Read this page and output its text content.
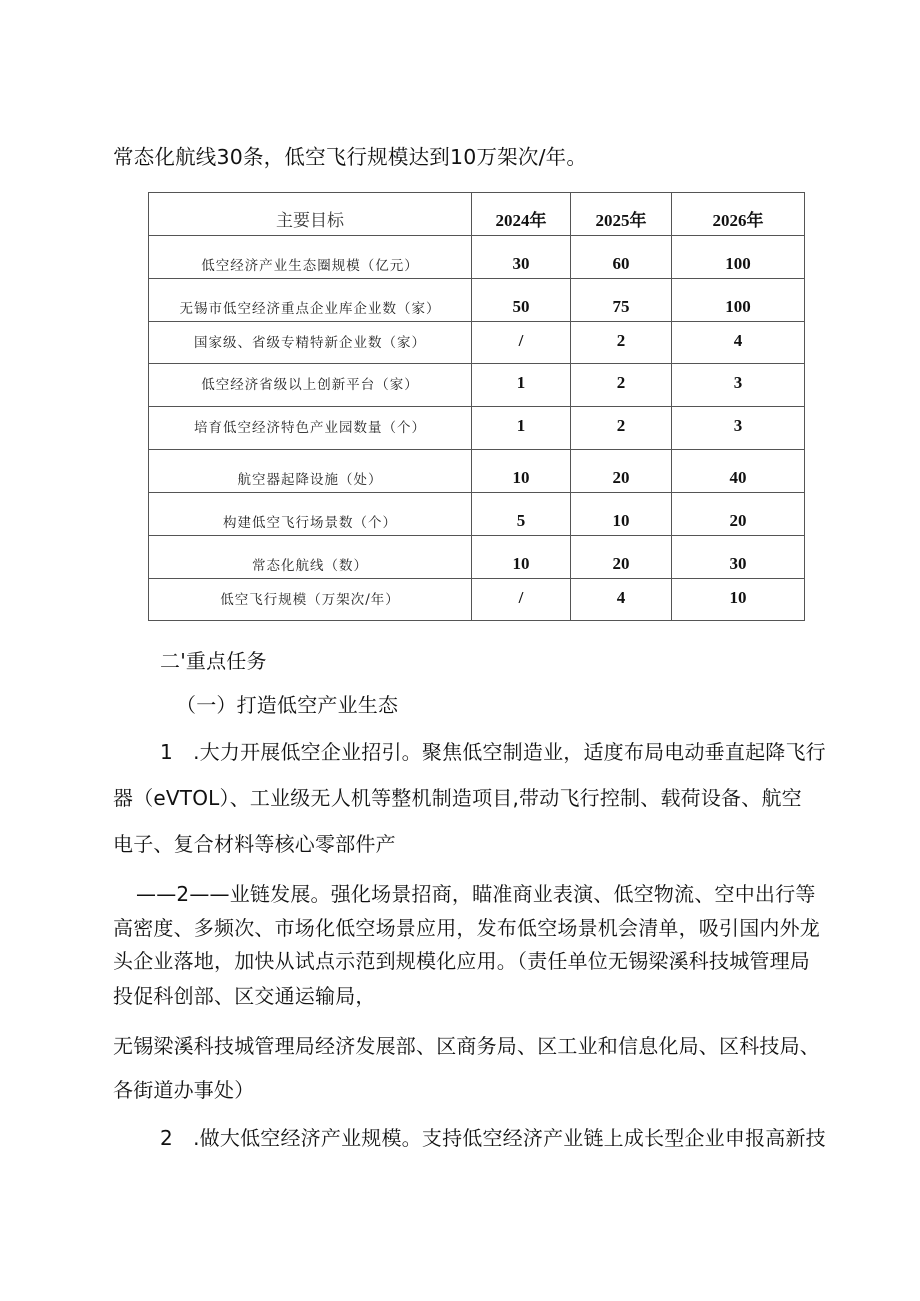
常态化航线30条，低空飞行规模达到10万架次/年。
主要目标	2024年	2025年	2026年
低空经济产业生态圈规模（亿元）	30	60	100
无锡市低空经济重点企业库企业数（家）	50	75	100
国家级、省级专精特新企业数（家）	/	2	4
低空经济省级以上创新平台（家）	1	2	3
培育低空经济特色产业园数量（个）	1	2	3
航空器起降设施（处）	10	20	40
构建低空飞行场景数（个）	5	10	20
常态化航线（数）	10	20	30
低空飞行规模（万架次/年）	/	4	10
二'重点任务
（一）打造低空产业生态
1　.大力开展低空企业招引。聚焦低空制造业，适度布局电动垂直起降飞行
器（eVTOL）、工业级无人机等整机制造项目,带动飞行控制、载荷设备、航空
电子、复合材料等核心零部件产
——2——业链发展。强化场景招商，瞄准商业表演、低空物流、空中出行等
高密度、多频次、市场化低空场景应用，发布低空场景机会清单，吸引国内外龙
头企业落地，加快从试点示范到规模化应用。（责任单位无锡梁溪科技城管理局
投促科创部、区交通运输局，
无锡梁溪科技城管理局经济发展部、区商务局、区工业和信息化局、区科技局、
各街道办事处）
2　.做大低空经济产业规模。支持低空经济产业链上成长型企业申报高新技
